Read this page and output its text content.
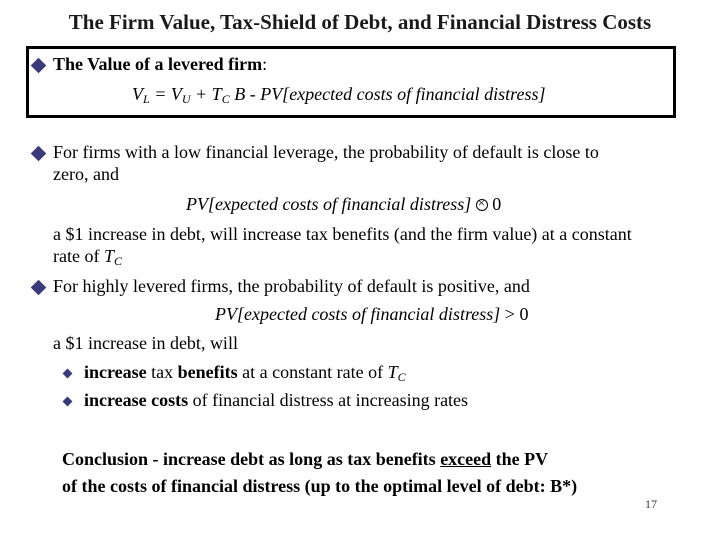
The Firm Value, Tax-Shield of Debt, and Financial Distress Costs
The Value of a levered firm:
$V_L = V_U + T_C$ B - PV[expected costs of financial distress]
For firms with a low financial leverage, the probability of default is close to
zero, and
PV[expected costs of financial distress] × 0
a $1 increase in debt, will increase tax benefits (and the firm value) at a constant
rate of $T_C$
For highly levered firms, the probability of default is positive, and
PV[expected costs of financial distress] > 0
a $1 increase in debt, will
increase tax benefits at a constant rate of $T_C$
increase costs of financial distress at increasing rates
Conclusion - increase debt as long as tax benefits exceed the PV
of the costs of financial distress (up to the optimal level of debt: B*)
17
